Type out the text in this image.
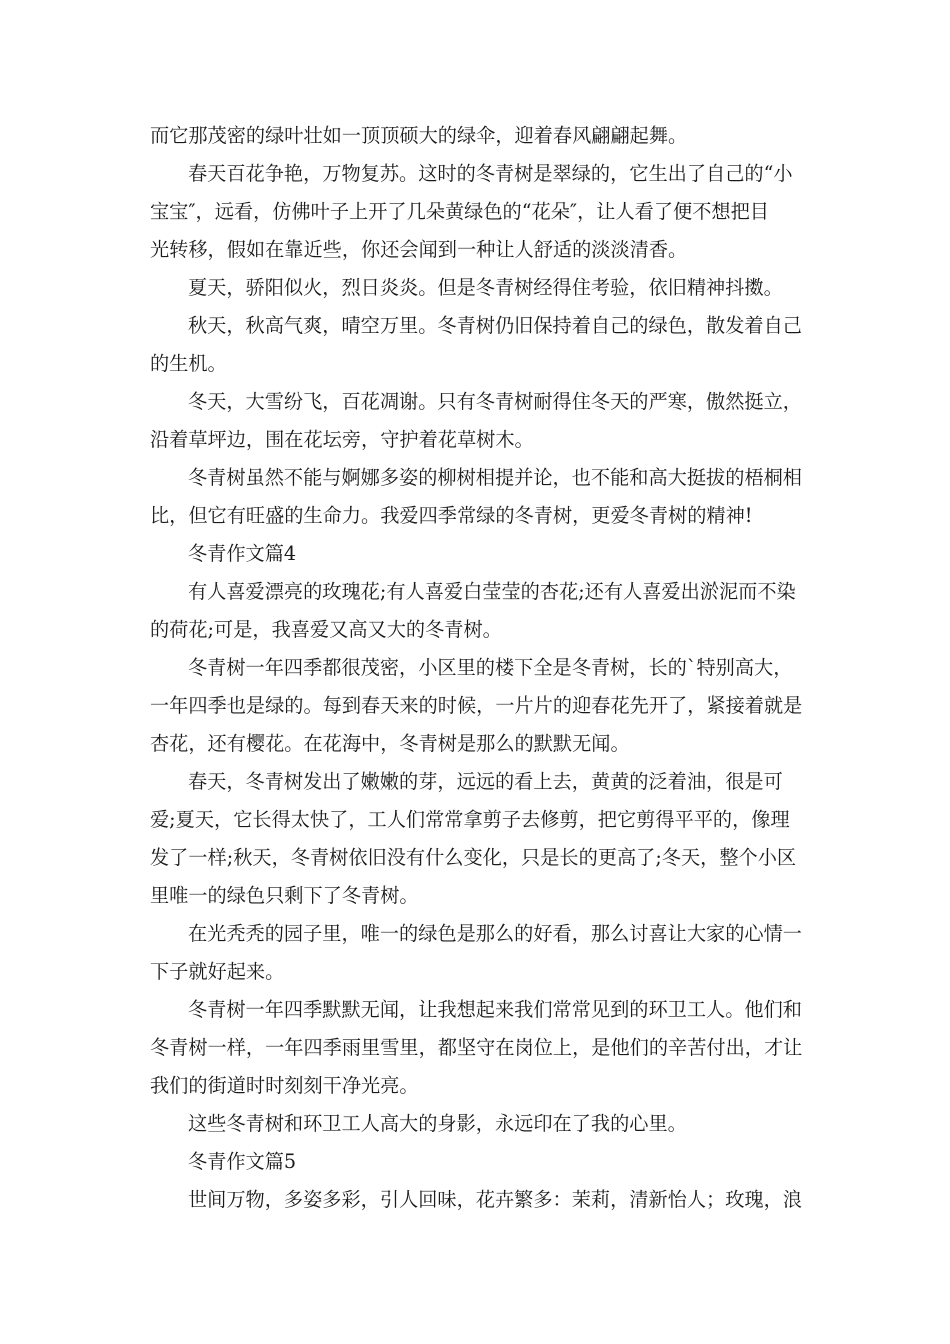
而它那茂密的绿叶壮如一顶顶硕大的绿伞，迎着春风翩翩起舞。

春天百花争艳，万物复苏。这时的冬青树是翠绿的，它生出了自己的“小

宝宝″，远看，仿佛叶子上开了几朵黄绿色的“花朵″，让人看了便不想把目

光转移，假如在靠近些，你还会闻到一种让人舒适的淡淡清香。

夏天，骄阳似火，烈日炎炎。但是冬青树经得住考验，依旧精神抖擞。

秋天，秋高气爽，晴空万里。冬青树仍旧保持着自己的绿色，散发着自己

的生机。

冬天，大雪纷飞，百花凋谢。只有冬青树耐得住冬天的严寒，傲然挺立，

沿着草坪边，围在花坛旁，守护着花草树木。

冬青树虽然不能与婀娜多姿的柳树相提并论，也不能和高大挺拔的梧桐相

比，但它有旺盛的生命力。我爱四季常绿的冬青树，更爱冬青树的精神!

冬青作文篇4

有人喜爱漂亮的玫瑰花;有人喜爱白莹莹的杏花;还有人喜爱出淤泥而不染

的荷花;可是，我喜爱又高又大的冬青树。

冬青树一年四季都很茂密，小区里的楼下全是冬青树，长的`特别高大，

一年四季也是绿的。每到春天来的时候，一片片的迎春花先开了，紧接着就是

杏花，还有樱花。在花海中，冬青树是那么的默默无闻。

春天，冬青树发出了嫩嫩的芽，远远的看上去，黄黄的泛着油，很是可

爱;夏天，它长得太快了，工人们常常拿剪子去修剪，把它剪得平平的，像理

发了一样;秋天，冬青树依旧没有什么变化，只是长的更高了;冬天，整个小区

里唯一的绿色只剩下了冬青树。

在光秃秃的园子里，唯一的绿色是那么的好看，那么讨喜让大家的心情一

下子就好起来。

冬青树一年四季默默无闻，让我想起来我们常常见到的环卫工人。他们和

冬青树一样，一年四季雨里雪里，都坚守在岗位上，是他们的辛苦付出，才让

我们的街道时时刻刻干净光亮。

这些冬青树和环卫工人高大的身影，永远印在了我的心里。

冬青作文篇5

世间万物，多姿多彩，引人回味，花卉繁多：茉莉，清新怡人；玫瑰，浪
